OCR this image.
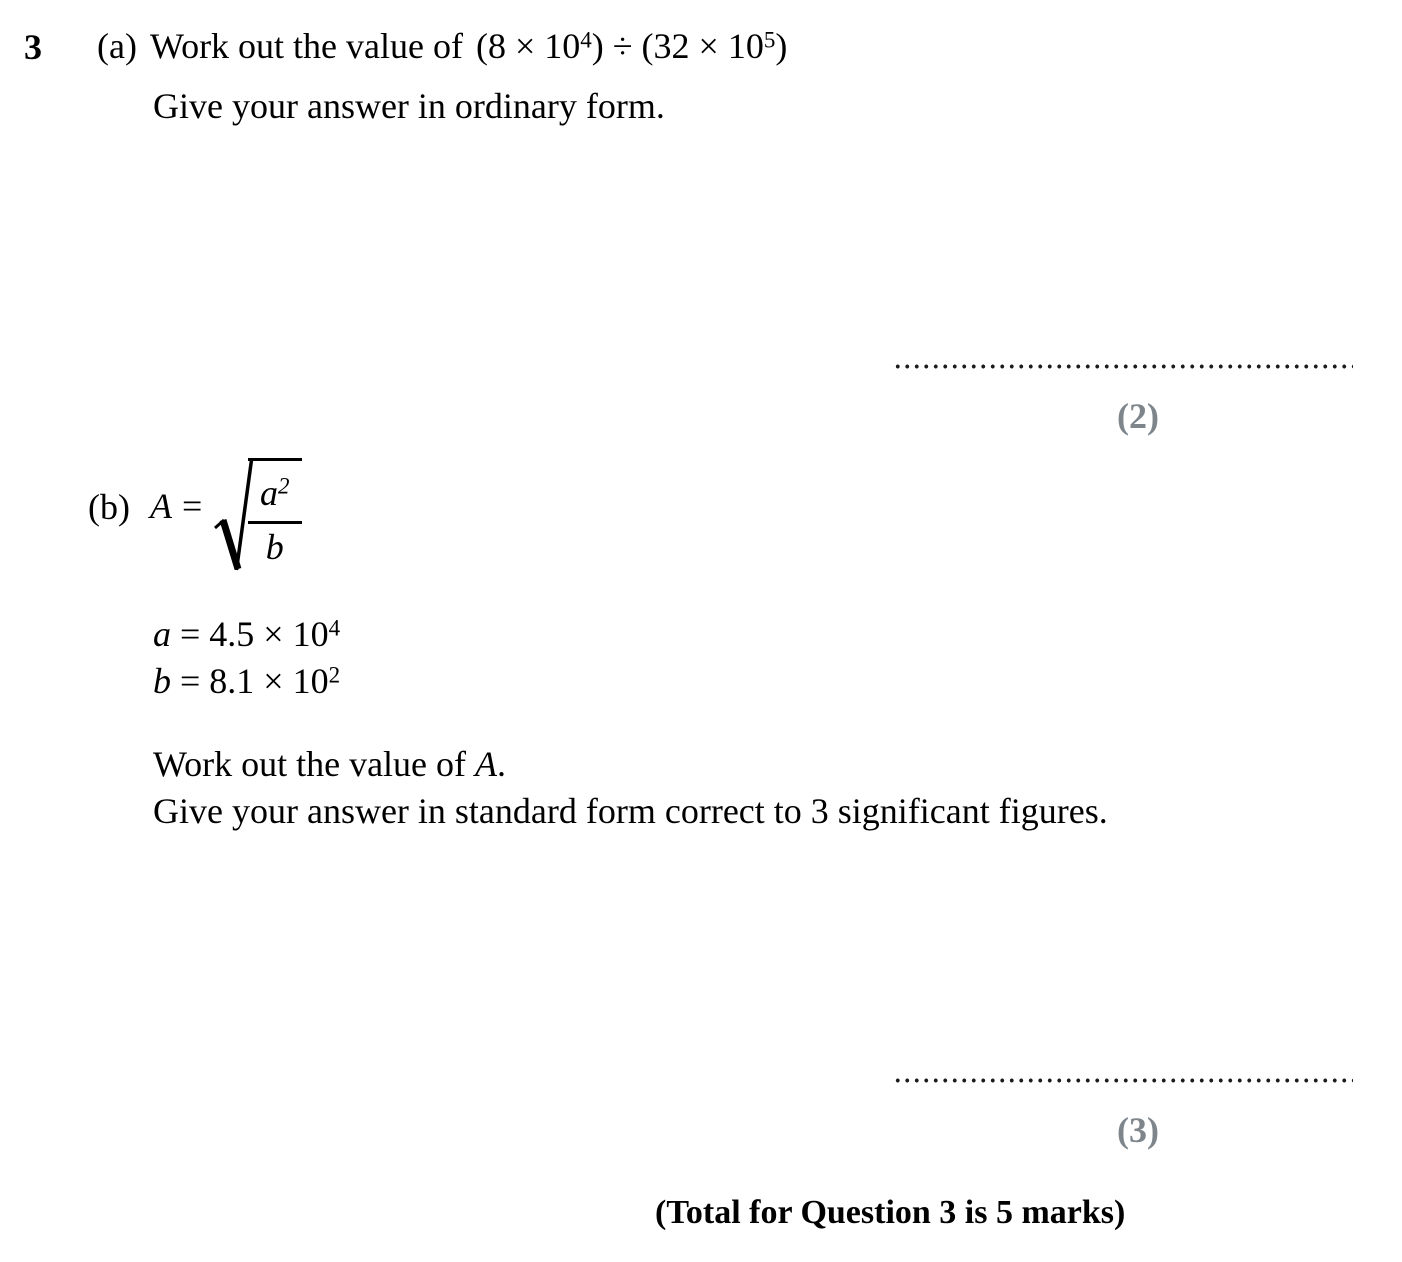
3 (a) Work out the value of $(8 \times 10^4) \div (32 \times 10^5)$
Give your answer in ordinary form.
(2)
(b) A =	$a^2$
b
$a = 4.5 \times 10^4$
$b = 8.1 \times 10^2$
Work out the value of A.
Give your answer in standard form correct to 3 significant figures.
(3)
(Total for Question 3 is 5 marks)
